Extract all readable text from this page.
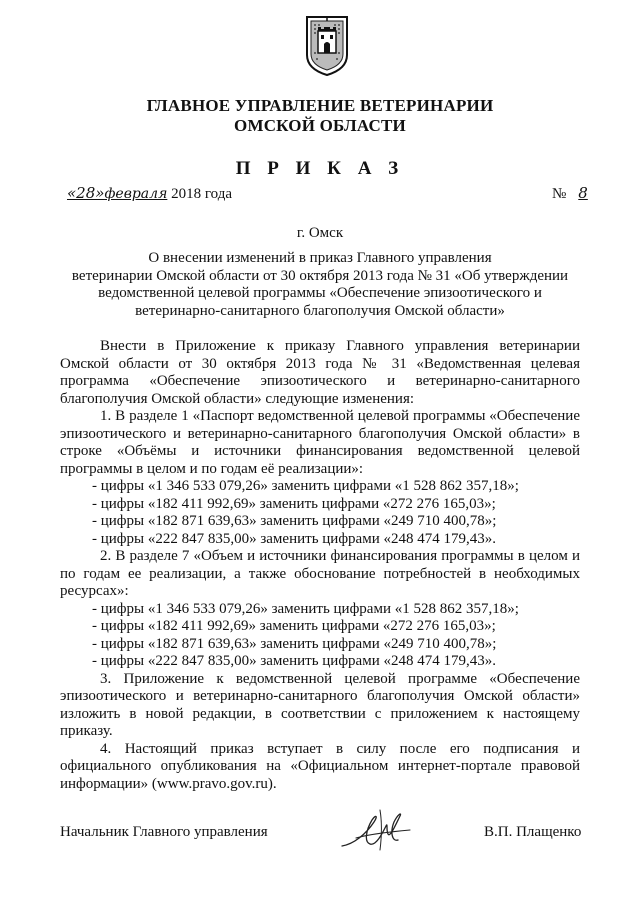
ГЛАВНОЕ УПРАВЛЕНИЕ ВЕТЕРИНАРИИ
ОМСКОЙ ОБЛАСТИ
П Р И К А З
«28»февраля 2018 года	№ 8
г. Омск
О внесении изменений в приказ Главного управления
ветеринарии Омской области от 30 октября 2013 года № 31 «Об утверждении
ведомственной целевой программы «Обеспечение эпизоотического и
ветеринарно-санитарного благополучия Омской области»

Внести в Приложение к приказу Главного управления ветеринарии Омской области от 30 октября 2013 года № 31 «Ведомственная целевая программа «Обеспечение эпизоотического и ветеринарно-санитарного благополучия Омской области» следующие изменения:

1. В разделе 1 «Паспорт ведомственной целевой программы «Обеспечение эпизоотического и ветеринарно-санитарного благополучия Омской области» в строке «Объёмы и источники финансирования ведомственной целевой программы в целом и по годам её реализации»:

- цифры «1 346 533 079,26» заменить цифрами «1 528 862 357,18»;
- цифры «182 411 992,69» заменить цифрами «272 276 165,03»;
- цифры «182 871 639,63» заменить цифрами «249 710 400,78»;
- цифры «222 847 835,00» заменить цифрами «248 474 179,43».

2. В разделе 7 «Объем и источники финансирования программы в целом и по годам ее реализации, а также обоснование потребностей в необходимых ресурсах»:

- цифры «1 346 533 079,26» заменить цифрами «1 528 862 357,18»;
- цифры «182 411 992,69» заменить цифрами «272 276 165,03»;
- цифры «182 871 639,63» заменить цифрами «249 710 400,78»;
- цифры «222 847 835,00» заменить цифрами «248 474 179,43».

3. Приложение к ведомственной целевой программе «Обеспечение эпизоотического и ветеринарно-санитарного благополучия Омской области» изложить в новой редакции, в соответствии с приложением к настоящему приказу.

4. Настоящий приказ вступает в силу после его подписания и официального опубликования на «Официальном интернет-портале правовой информации» (www.pravo.gov.ru).

Начальник Главного управления	В.П. Плащенко
